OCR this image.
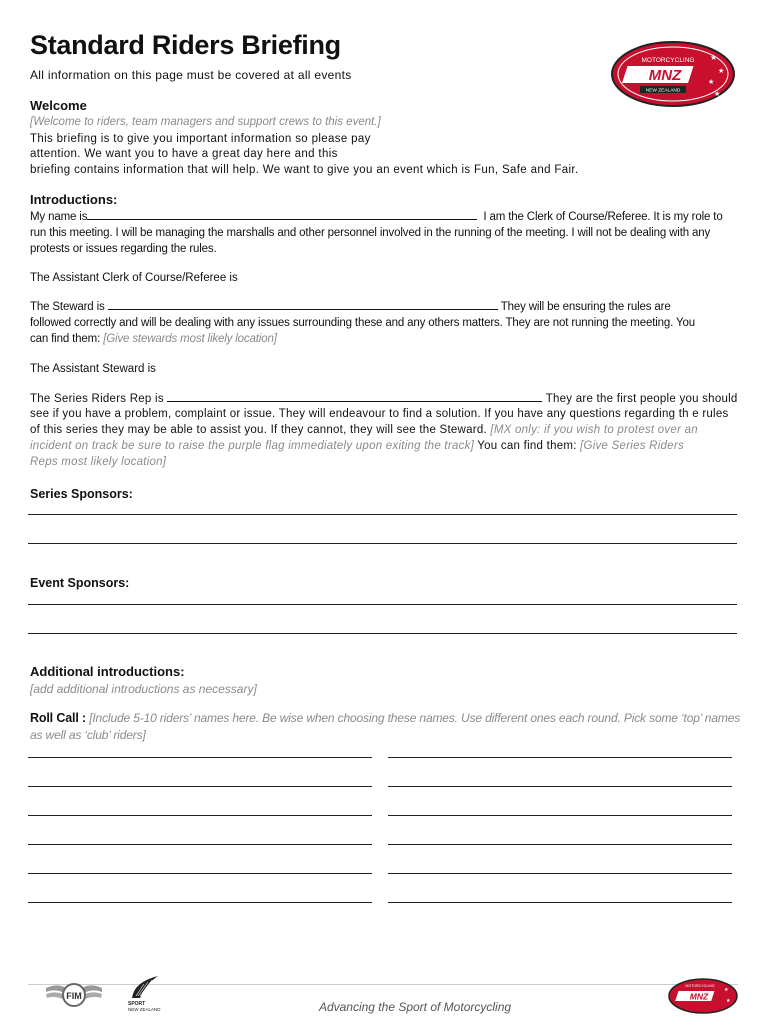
Standard Riders Briefing
All information on this page must be covered at all events
MOTORCYCLING
MNZ
NEW ZEALAND
★
★
★
★
Welcome
[Welcome to riders, team managers and support crews to this event.]
This briefing is to give you important information so please pay
attention. We want you to have a great day here and this
briefing contains information that will help. We want to give you an event which is Fun, Safe and Fair.
Introductions:
My name is	I am the Clerk of Course/Referee. It is my role to
run this meeting. I will be managing the marshalls and other personnel involved in the running of the meeting. I will not be dealing with any
protests or issues regarding the rules.
The Assistant Clerk of Course/Referee is
The Steward is	They will be ensuring the rules are
followed correctly and will be dealing with any issues surrounding these and any others matters. They are not running the meeting. You
can find them: [Give stewards most likely location]
The Assistant Steward is
The Series Riders Rep is	They are the first people you should
see if you have a problem, complaint or issue. They will endeavour to find a solution. If you have any questions regarding th e rules
of this series they may be able to assist you. If they cannot, they will see the Steward. [MX only: if you wish to protest over an
incident on track be sure to raise the purple flag immediately upon exiting the track] You can find them: [Give Series Riders
Reps most likely location]
Series Sponsors:
Event Sponsors:
Additional introductions:
[add additional introductions as necessary]
Roll Call : [Include 5-10 riders’ names here. Be wise when choosing these names. Use different ones each round. Pick some ‘top’ names
as well as ‘club’ riders]
FIM
SPORT
NEW ZEALAND	Advancing the Sport of Motorcycling
MNZ
MOTORCYCLING
★
★
